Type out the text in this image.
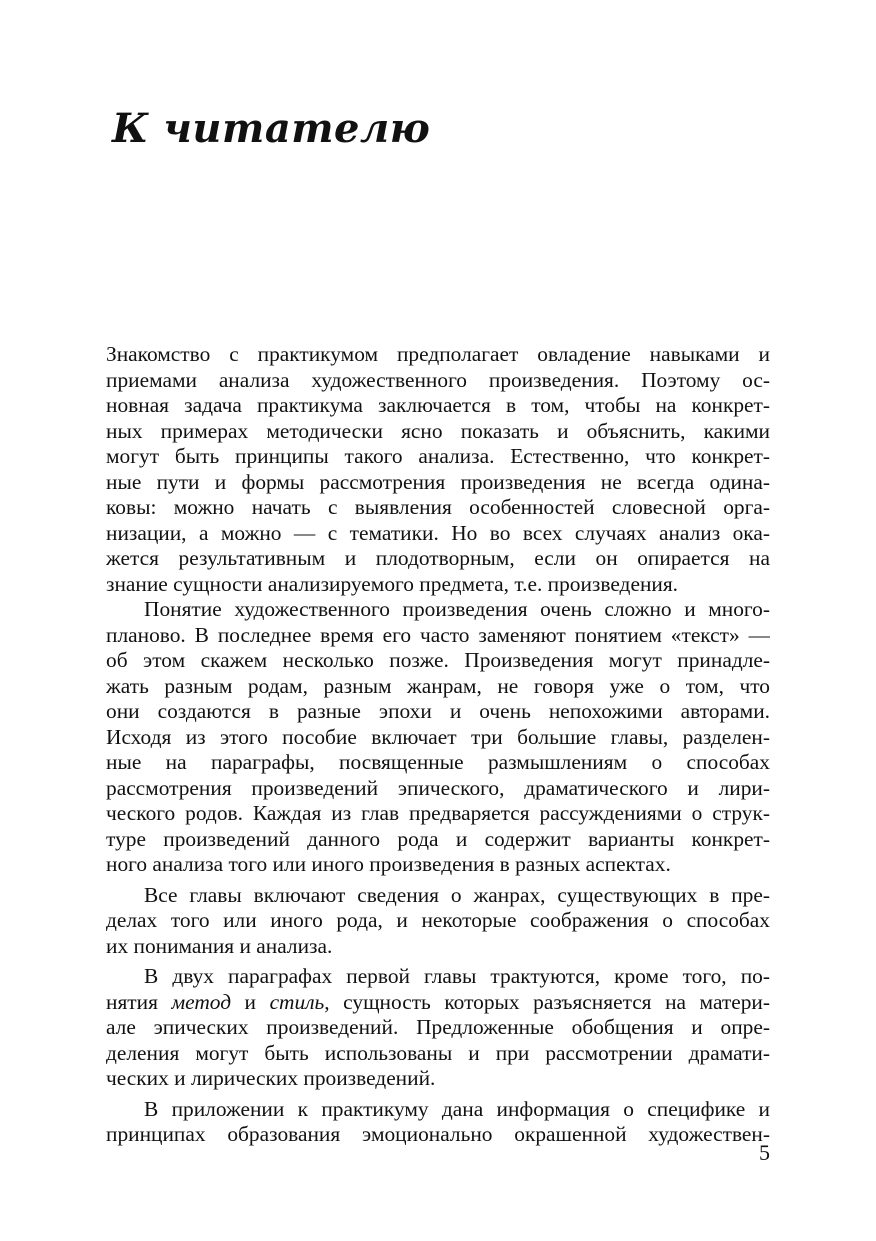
К читателю
Знакомство с практикумом предполагает овладение навыками и
приемами анализа художественного произведения. Поэтому ос-
новная задача практикума заключается в том, чтобы на конкрет-
ных примерах методически ясно показать и объяснить, какими
могут быть принципы такого анализа. Естественно, что конкрет-
ные пути и формы рассмотрения произведения не всегда одина-
ковы: можно начать с выявления особенностей словесной орга-
низации, а можно — с тематики. Но во всех случаях анализ ока-
жется результативным и плодотворным, если он опирается на
знание сущности анализируемого предмета, т.е. произведения.
Понятие художественного произведения очень сложно и много-
планово. В последнее время его часто заменяют понятием «текст» —
об этом скажем несколько позже. Произведения могут принадле-
жать разным родам, разным жанрам, не говоря уже о том, что
они создаются в разные эпохи и очень непохожими авторами.
Исходя из этого пособие включает три большие главы, разделен-
ные на параграфы, посвященные размышлениям о способах
рассмотрения произведений эпического, драматического и лири-
ческого родов. Каждая из глав предваряется рассуждениями о струк-
туре произведений данного рода и содержит варианты конкрет-
ного анализа того или иного произведения в разных аспектах.
Все главы включают сведения о жанрах, существующих в пре-
делах того или иного рода, и некоторые соображения о способах
их понимания и анализа.
В двух параграфах первой главы трактуются, кроме того, по-
нятия метод и стиль, сущность которых разъясняется на матери-
але эпических произведений. Предложенные обобщения и опре-
деления могут быть использованы и при рассмотрении драмати-
ческих и лирических произведений.
В приложении к практикуму дана информация о специфике и
принципах образования эмоционально окрашенной художествен-
5
